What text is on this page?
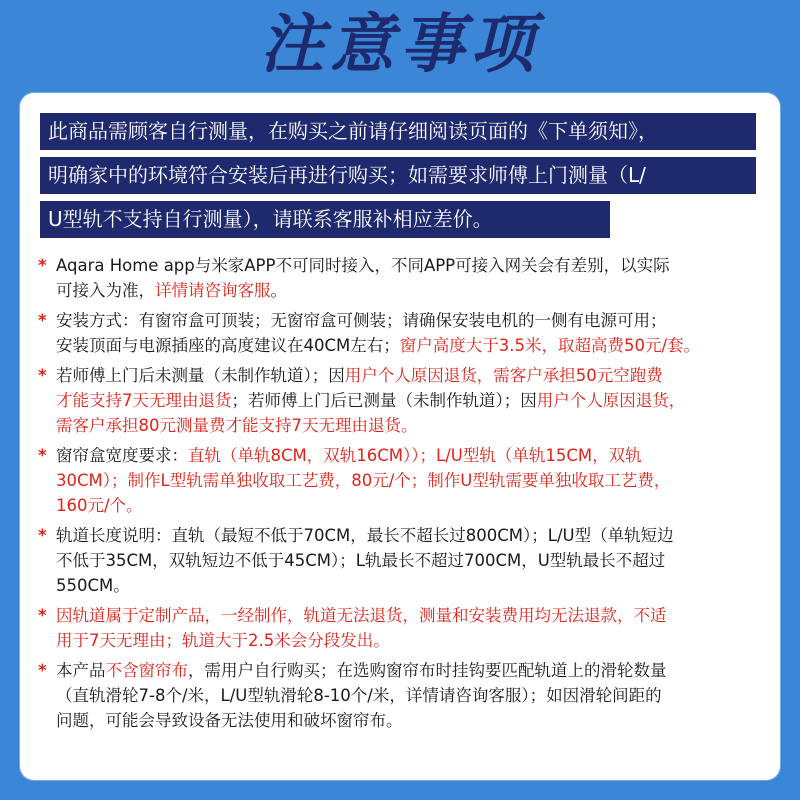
注意事项
此商品需顾客自行测量，在购买之前请仔细阅读页面的《下单须知》，
明确家中的环境符合安装后再进行购买；如需要求师傅上门测量（L/
U型轨不支持自行测量），请联系客服补相应差价。
* Aqara Home app与米家APP不可同时接入，不同APP可接入网关会有差别，以实际
可接入为准，详情请咨询客服。
* 安装方式：有窗帘盒可顶装；无窗帘盒可侧装；请确保安装电机的一侧有电源可用；
安装顶面与电源插座的高度建议在40CM左右；窗户高度大于3.5米，取超高费50元/套。
* 若师傅上门后未测量（未制作轨道）；因用户个人原因退货，需客户承担50元空跑费
才能支持7天无理由退货；若师傅上门后已测量（未制作轨道）；因用户个人原因退货，
需客户承担80元测量费才能支持7天无理由退货。
* 窗帘盒宽度要求：直轨（单轨8CM，双轨16CM））；L/U型轨（单轨15CM，双轨
30CM）；制作L型轨需单独收取工艺费，80元/个；制作U型轨需要单独收取工艺费，
160元/个。
* 轨道长度说明：直轨（最短不低于70CM，最长不超长过800CM）；L/U型（单轨短边
不低于35CM，双轨短边不低于45CM）；L轨最长不超过700CM，U型轨最长不超过
550CM。
* 因轨道属于定制产品，一经制作，轨道无法退货，测量和安装费用均无法退款，不适
用于7天无理由；轨道大于2.5米会分段发出。
* 本产品不含窗帘布，需用户自行购买；在选购窗帘布时挂钩要匹配轨道上的滑轮数量
（直轨滑轮7-8个/米，L/U型轨滑轮8-10个/米，详情请咨询客服）；如因滑轮间距的
问题，可能会导致设备无法使用和破坏窗帘布。
